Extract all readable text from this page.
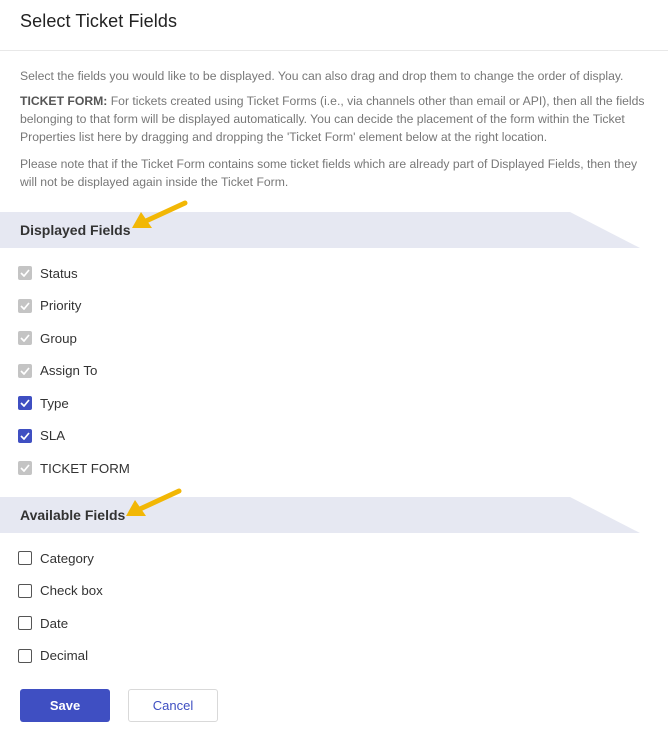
Select Ticket Fields

Select the fields you would like to be displayed. You can also drag and drop them to change the order of display.

TICKET FORM: For tickets created using Ticket Forms (i.e., via channels other than email or API), then all the fields belonging to that form will be displayed automatically. You can decide the placement of the form within the Ticket Properties list here by dragging and dropping the 'Ticket Form' element below at the right location.

Please note that if the Ticket Form contains some ticket fields which are already part of Displayed Fields, then they will not be displayed again inside the Ticket Form.

Displayed Fields
Status
Priority
Group
Assign To
Type
SLA
TICKET FORM
Available Fields
Category
Check box
Date
Decimal
Save	Cancel
